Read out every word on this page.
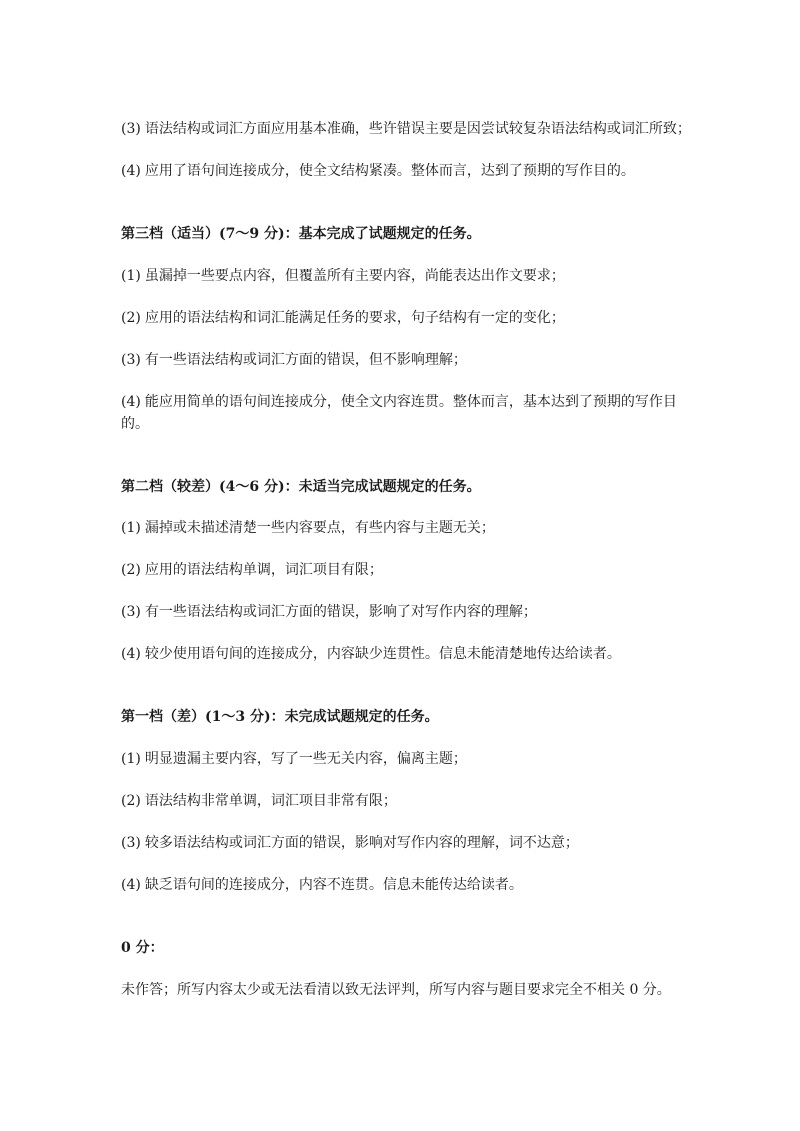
(3) 语法结构或词汇方面应用基本准确，些许错误主要是因尝试较复杂语法结构或词汇所致；
(4) 应用了语句间连接成分，使全文结构紧凑。整体而言，达到了预期的写作目的。
第三档（适当）(7～9 分)：基本完成了试题规定的任务。
(1) 虽漏掉一些要点内容，但覆盖所有主要内容，尚能表达出作文要求；
(2) 应用的语法结构和词汇能满足任务的要求，句子结构有一定的变化；
(3) 有一些语法结构或词汇方面的错误，但不影响理解；
(4) 能应用简单的语句间连接成分，使全文内容连贯。整体而言，基本达到了预期的写作目的。
第二档（较差）(4～6 分)：未适当完成试题规定的任务。
(1) 漏掉或未描述清楚一些内容要点，有些内容与主题无关；
(2) 应用的语法结构单调，词汇项目有限；
(3) 有一些语法结构或词汇方面的错误，影响了对写作内容的理解；
(4) 较少使用语句间的连接成分，内容缺少连贯性。信息未能清楚地传达给读者。
第一档（差）(1～3 分)：未完成试题规定的任务。
(1) 明显遗漏主要内容，写了一些无关内容，偏离主题；
(2) 语法结构非常单调，词汇项目非常有限；
(3) 较多语法结构或词汇方面的错误，影响对写作内容的理解，词不达意；
(4) 缺乏语句间的连接成分，内容不连贯。信息未能传达给读者。
0 分：
未作答；所写内容太少或无法看清以致无法评判，所写内容与题目要求完全不相关 0 分。
